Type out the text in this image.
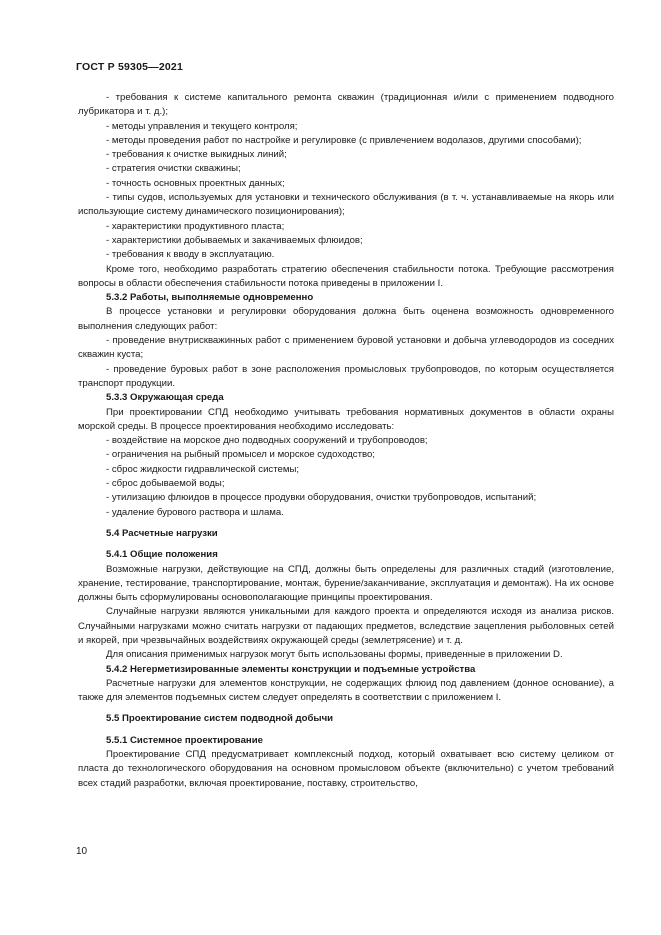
ГОСТ Р 59305—2021

- требования к системе капитального ремонта скважин (традиционная и/или с применением подводного лубрикатора и т. д.);

- методы управления и текущего контроля;

- методы проведения работ по настройке и регулировке (с привлечением водолазов, другими способами);

- требования к очистке выкидных линий;

- стратегия очистки скважины;

- точность основных проектных данных;

- типы судов, используемых для установки и технического обслуживания (в т. ч. устанавливаемые на якорь или использующие систему динамического позиционирования);

- характеристики продуктивного пласта;

- характеристики добываемых и закачиваемых флюидов;

- требования к вводу в эксплуатацию.

Кроме того, необходимо разработать стратегию обеспечения стабильности потока. Требующие рассмотрения вопросы в области обеспечения стабильности потока приведены в приложении I.

5.3.2 Работы, выполняемые одновременно

В процессе установки и регулировки оборудования должна быть оценена возможность одновременного выполнения следующих работ:

- проведение внутрискважинных работ с применением буровой установки и добыча углеводородов из соседних скважин куста;

- проведение буровых работ в зоне расположения промысловых трубопроводов, по которым осуществляется транспорт продукции.

5.3.3 Окружающая среда

При проектировании СПД необходимо учитывать требования нормативных документов в области охраны морской среды. В процессе проектирования необходимо исследовать:

- воздействие на морское дно подводных сооружений и трубопроводов;

- ограничения на рыбный промысел и морское судоходство;

- сброс жидкости гидравлической системы;

- сброс добываемой воды;

- утилизацию флюидов в процессе продувки оборудования, очистки трубопроводов, испытаний;

- удаление бурового раствора и шлама.

5.4 Расчетные нагрузки

5.4.1 Общие положения

Возможные нагрузки, действующие на СПД, должны быть определены для различных стадий (изготовление, хранение, тестирование, транспортирование, монтаж, бурение/заканчивание, эксплуатация и демонтаж). На их основе должны быть сформулированы основополагающие принципы проектирования.

Случайные нагрузки являются уникальными для каждого проекта и определяются исходя из анализа рисков. Случайными нагрузками можно считать нагрузки от падающих предметов, вследствие зацепления рыболовных сетей и якорей, при чрезвычайных воздействиях окружающей среды (землетрясение) и т. д.

Для описания применимых нагрузок могут быть использованы формы, приведенные в приложении D.

5.4.2 Негерметизированные элементы конструкции и подъемные устройства

Расчетные нагрузки для элементов конструкции, не содержащих флюид под давлением (донное основание), а также для элементов подъемных систем следует определять в соответствии с приложением I.

5.5 Проектирование систем подводной добычи

5.5.1 Системное проектирование

Проектирование СПД предусматривает комплексный подход, который охватывает всю систему целиком от пласта до технологического оборудования на основном промысловом объекте (включительно) с учетом требований всех стадий разработки, включая проектирование, поставку, строительство,

10
